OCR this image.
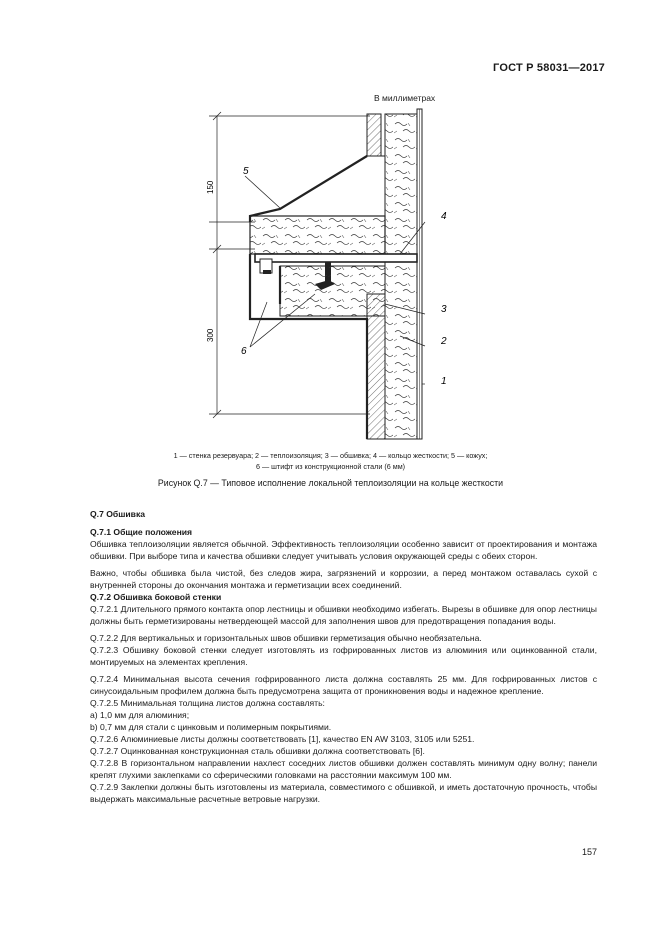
ГОСТ Р 58031—2017
В миллиметрах
150
300
5
4
3
2
1
6
1 — стенка резервуара; 2 — теплоизоляция; 3 — обшивка; 4 — кольцо жесткости; 5 — кожух;
6 — штифт из конструкционной стали (6 мм)
Рисунок Q.7 — Типовое исполнение локальной теплоизоляции на кольце жесткости

Q.7 Обшивка

Q.7.1 Общие положения

Обшивка теплоизоляции является обычной. Эффективность теплоизоляции особенно зависит от проектирования и монтажа обшивки. При выборе типа и качества обшивки следует учитывать условия окружающей среды с обеих сторон.

Важно, чтобы обшивка была чистой, без следов жира, загрязнений и коррозии, а перед монтажом оставалась сухой с внутренней стороны до окончания монтажа и герметизации всех соединений.

Q.7.2 Обшивка боковой стенки

Q.7.2.1 Длительного прямого контакта опор лестницы и обшивки необходимо избегать. Вырезы в обшивке для опор лестницы должны быть герметизированы нетвердеющей массой для заполнения швов для предотвращения попадания воды.

Q.7.2.2 Для вертикальных и горизонтальных швов обшивки герметизация обычно необязательна.

Q.7.2.3 Обшивку боковой стенки следует изготовлять из гофрированных листов из алюминия или оцинкованной стали, монтируемых на элементах крепления.

Q.7.2.4 Минимальная высота сечения гофрированного листа должна составлять 25 мм. Для гофрированных листов с синусоидальным профилем должна быть предусмотрена защита от проникновения воды и надежное крепление.

Q.7.2.5 Минимальная толщина листов должна составлять:

a) 1,0 мм для алюминия;

b) 0,7 мм для стали с цинковым и полимерным покрытиями.

Q.7.2.6 Алюминиевые листы должны соответствовать [1], качество EN AW 3103, 3105 или 5251.

Q.7.2.7 Оцинкованная конструкционная сталь обшивки должна соответствовать [6].

Q.7.2.8 В горизонтальном направлении нахлест соседних листов обшивки должен составлять минимум одну волну; панели крепят глухими заклепками со сферическими головками на расстоянии максимум 100 мм.

Q.7.2.9 Заклепки должны быть изготовлены из материала, совместимого с обшивкой, и иметь достаточную прочность, чтобы выдержать максимальные расчетные ветровые нагрузки.

157
